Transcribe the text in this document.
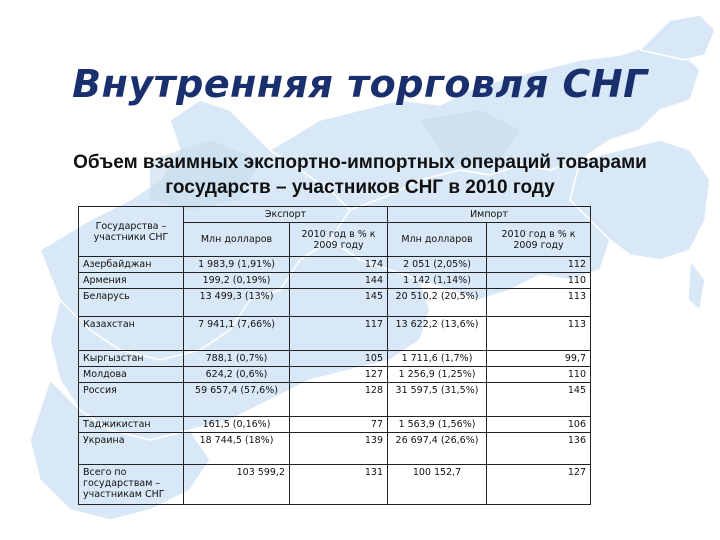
Внутренняя торговля СНГ
Объем взаимных экспортно-импортных операций товарами
государств – участников СНГ в 2010 году
Государства – участники СНГ	Экспорт		Импорт	
	Млн долларов	2010 год в % к 2009 году	Млн долларов	2010 год в % к 2009 году
Азербайджан	1 983,9 (1,91%)	174	2 051 (2,05%)	112
Армения	199,2 (0,19%)	144	1 142 (1,14%)	110
Беларусь	13 499,3 (13%)	145	20 510,2 (20,5%)	113
Казахстан	7 941,1 (7,66%)	117	13 622,2 (13,6%)	113
Кыргызстан	788,1 (0,7%)	105	1 711,6 (1,7%)	99,7
Молдова	624,2 (0,6%)	127	1 256,9 (1,25%)	110
Россия	59 657,4 (57,6%)	128	31 597,5 (31,5%)	145
Таджикистан	161,5 (0,16%)	77	1 563,9 (1,56%)	106
Украина	18 744,5 (18%)	139	26 697,4 (26,6%)	136
Всего по государствам – участникам СНГ	103 599,2	131	100 152,7	127
